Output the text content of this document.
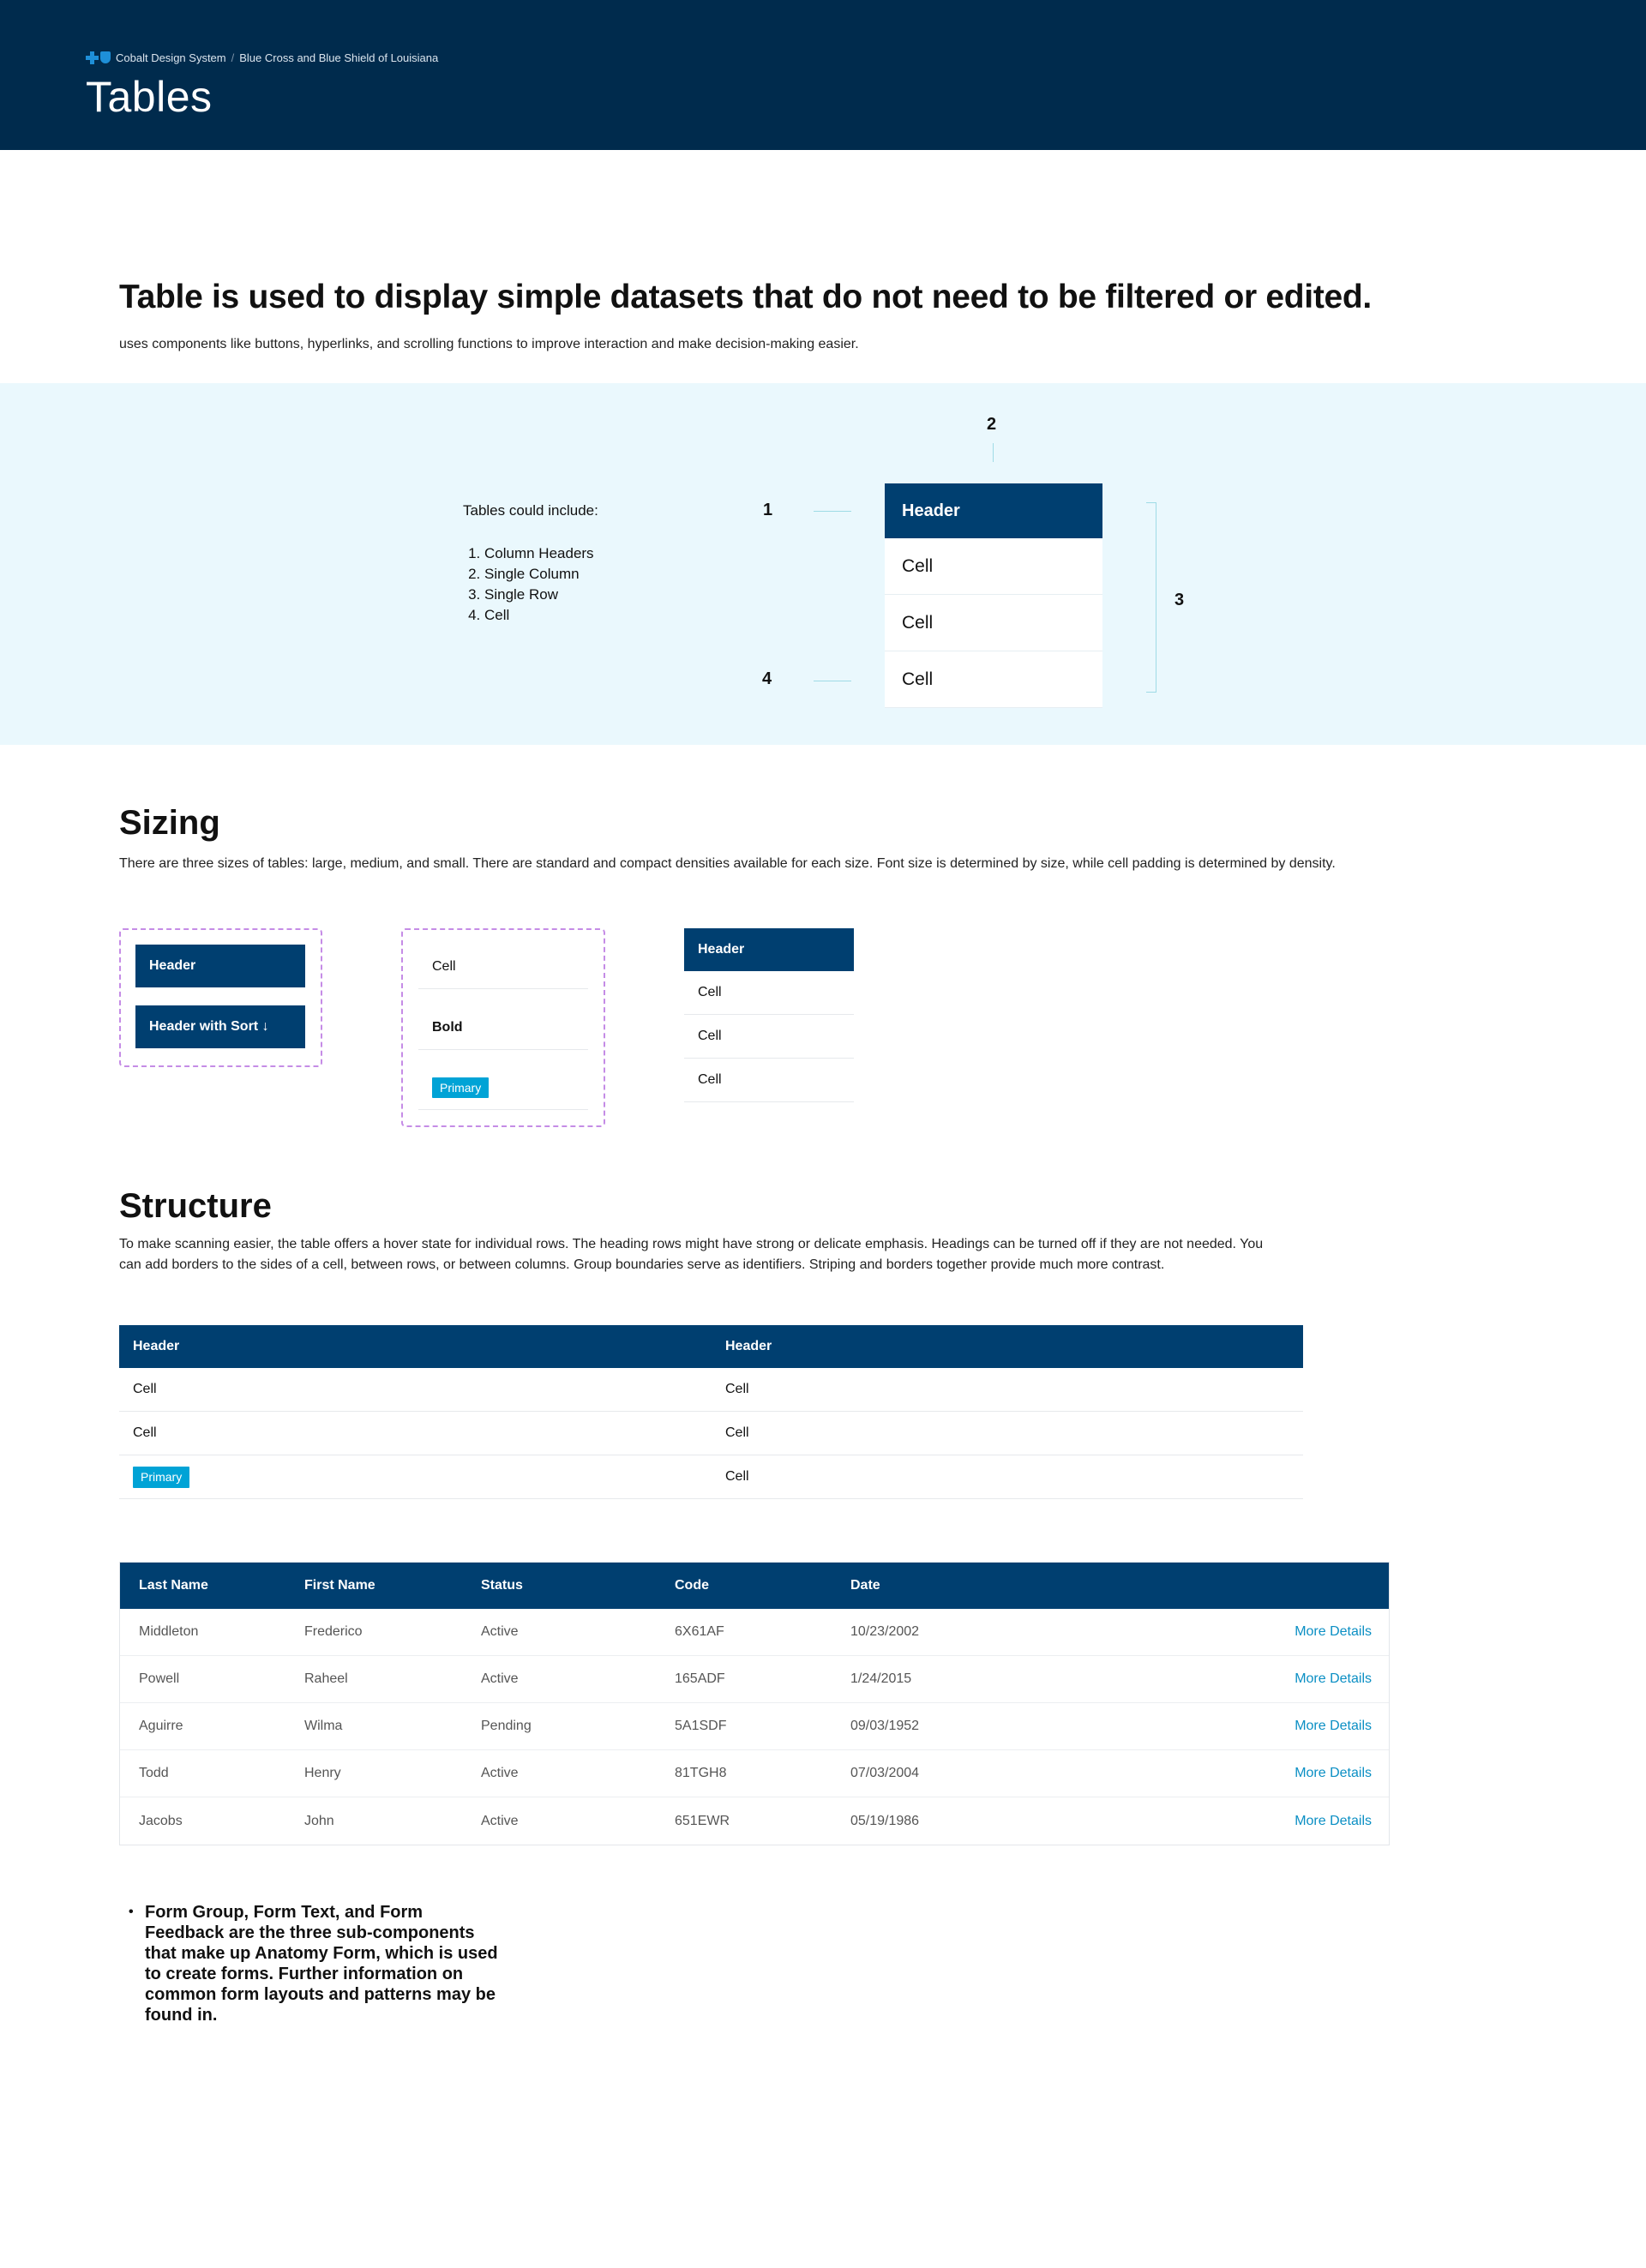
Cobalt Design System / Blue Cross and Blue Shield of Louisiana
Tables
Table is used to display simple datasets that do not need to be filtered or edited.

uses components like buttons, hyperlinks, and scrolling functions to improve interaction and make decision-making easier.

Tables could include:
1. Column Headers
2. Single Column
3. Single Row
4. Cell
1
2
3
4
Header
Cell
Cell
Cell
Sizing

There are three sizes of tables: large, medium, and small. There are standard and compact densities available for each size. Font size is determined by size, while cell padding is determined by density.

Header
Header with Sort ↓
Cell
Bold
Primary
Header
Cell
Cell
Cell
Structure

To make scanning easier, the table offers a hover state for individual rows. The heading rows might have strong or delicate emphasis. Headings can be turned off if they are not needed. You can add borders to the sides of a cell, between rows, or between columns. Group boundaries serve as identifiers. Striping and borders together provide much more contrast.

Header	Header
Cell	Cell
Cell	Cell
Primary	Cell
Last Name	First Name	Status	Code	Date
Middleton	Frederico	Active	6X61AF	10/23/2002	More Details
Powell	Raheel	Active	165ADF	1/24/2015	More Details
Aguirre	Wilma	Pending	5A1SDF	09/03/1952	More Details
Todd	Henry	Active	81TGH8	07/03/2004	More Details
Jacobs	John	Active	651EWR	05/19/1986	More Details
• Form Group, Form Text, and Form Feedback are the three sub-components that make up Anatomy Form, which is used to create forms. Further information on common form layouts and patterns may be found in.
